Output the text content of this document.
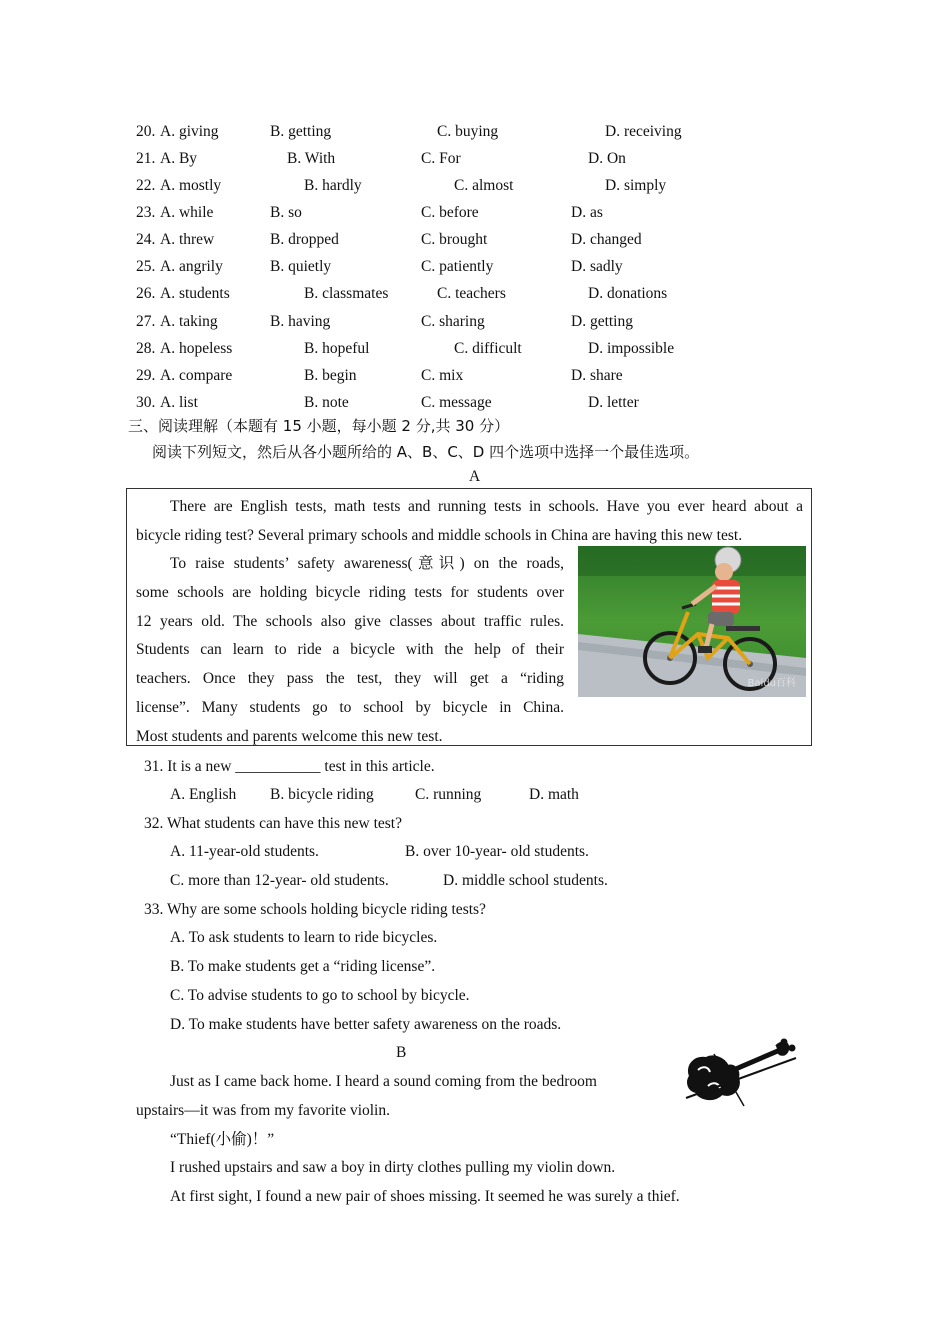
20. A. giving	B. getting	C. buying	D. receiving
21. A. By	B. With	C. For	D. On
22. A. mostly	B. hardly	C. almost	D. simply
23. A. while	B. so	C. before	D. as
24. A. threw	B. dropped	C. brought	D. changed
25. A. angrily	B. quietly	C. patiently	D. sadly
26. A. students	B. classmates	C. teachers	D. donations
27. A. taking	B. having	C. sharing	D. getting
28. A. hopeless	B. hopeful	C. difficult	D. impossible
29. A. compare	B. begin	C. mix	D. share
30. A. list	B. note	C. message	D. letter
三、阅读理解（本题有 15 小题，每小题 2 分,共 30 分）
阅读下列短文，然后从各小题所给的 A、B、C、D 四个选项中选择一个最佳选项。
A
There are English tests, math tests and running tests in schools. Have you ever heard about a
bicycle riding test? Several primary schools and middle schools in China are having this new test.
To raise students’ safety awareness(意识) on the roads,
some schools are holding bicycle riding tests for students over
12 years old. The schools also give classes about traffic rules.
Students can learn to ride a bicycle with the help of their
teachers. Once they pass the test, they will get a “riding
license”. Many students go to school by bicycle in China.
Most students and parents welcome this new test.
Baidu百科
31. It is a new ___________ test in this article.
A. English B. bicycle riding	C. running	D. math
32. What students can have this new test?
A. 11-year-old students.	B. over 10-year- old students.
C. more than 12-year- old students.	D. middle school students.
33. Why are some schools holding bicycle riding tests?
A. To ask students to learn to ride bicycles.
B. To make students get a “riding license”.
C. To advise students to go to school by bicycle.
D. To make students have better safety awareness on the roads.
B
Just as I came back home. I heard a sound coming from the bedroom
upstairs—it was from my favorite violin.
“Thief(小偷)！”
I rushed upstairs and saw a boy in dirty clothes pulling my violin down.
At first sight, I found a new pair of shoes missing. It seemed he was surely a thief.
